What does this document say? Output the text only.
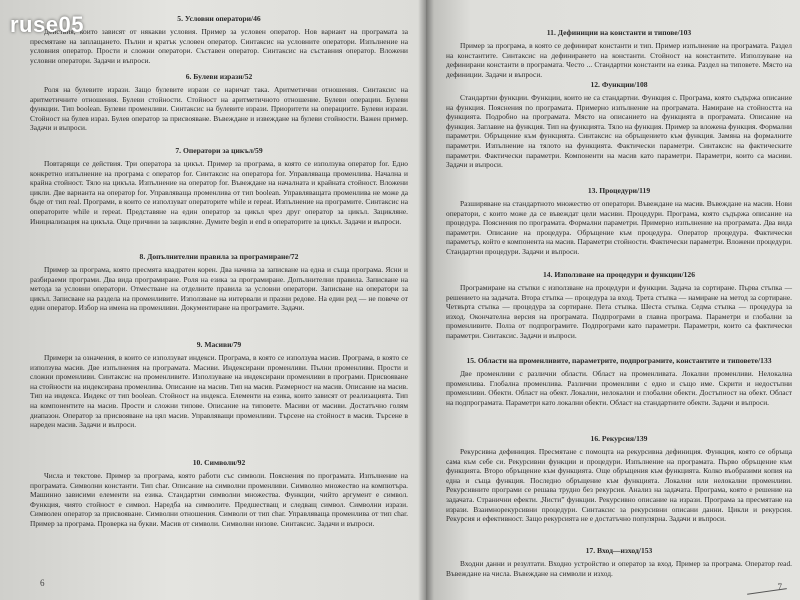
5. Условни оператори/46

Действия, които зависят от някакви условия. Пример за условен оператор. Нов вариант на програмата за пресмятане на заплащането. Пълни и кратък условен оператор. Синтаксис на условните оператори. Изпълнение на условния оператор. Прости и сложни оператори. Съставен оператор. Синтаксис на съставния оператор. Вложени условни оператори. Задачи и въпроси.

6. Булеви изрази/52

Роля на булевите изрази. Защо булевите изрази се наричат така. Аритметични отношения. Синтаксис на аритметичните отношения. Булеви стойности. Стойност на аритметичното отношение. Булеви операции. Булеви функции. Тип boolean. Булеви променливи. Синтаксис на булевите изрази. Приоритети на операциите. Булеви изрази. Стойност на булев израз. Булев оператор за присвояване. Въвеждане и извеждане на булеви стойности. Важен пример. Задачи и въпроси.

7. Оператори за цикъл/59

Повтарящи се действия. Три оператора за цикъл. Пример за програма, в която се използува оператор for. Едно конкретно изпълнение на програма с оператор for. Синтаксис на оператора for. Управляваща променлива. Начална и крайна стойност. Тяло на цикъла. Изпълнение на оператор for. Въвеждане на началната и крайната стойност. Вложени цикли. Две варианта на оператор for. Управляваща променлива от тип boolean. Управляващата променлива не може да бъде от тип real. Програми, в които се използуват операторите while и repeat. Изпълнение на програмите. Синтаксис на операторите while и repeat. Представяне на един оператор за цикъл чрез друг оператор за цикъл. Зацикляне. Инициализация на цикъла. Още причини за зацикляне. Думите begin и end в операторите за цикъл. Задачи и въпроси.

8. Допълнителни правила за програмиране/72

Пример за програма, която пресмята квадратен корен. Два начина за записване на една и съща програма. Ясни и разбираеми програми. Два вида програмиране. Роля на езика за програмиране. Допълнителни правила. Записване на метода за условни оператори. Отместване на отделните правила за условни оператори. Записване на оператори за цикъл. Записване на раздела на променливите. Използване на интервали и празни редове. На един ред — не повече от един оператор. Избор на имена на променливи. Документиране на програмите. Задачи.

9. Масиви/79

Примери за означения, в които се използуват индекси. Програма, в която се използува масив. Програма, в която се използува масив. Две изпълнения на програмата. Масиви. Индексирани променливи. Пълни променливи. Прости и сложни променливи. Синтаксис на променливите. Използуване на индексирани променливи в програми. Присвояване на стойности на индексирана променлива. Описание на масив. Тип на масив. Размерност на масив. Описание на масив. Тип на индекса. Индекс от тип boolean. Стойност на индекса. Елементи на езика, които зависят от реализацията. Тип на компонентите на масив. Прости и сложни типове. Описание на типовете. Масиви от масиви. Достатъчно голям диапазон. Оператор за присвояване на цял масив. Управляващи променливи. Търсене на стойност в масив. Търсене в нареден масив. Задачи и въпроси.

10. Символи/92

Числа и текстове. Пример за програма, която работи със символи. Пояснения по програмата. Изпълнение на програмата. Символни константи. Тип char. Описание на символни променливи. Символно множество на компютъра. Машинно зависими елементи на езика. Стандартни символни множества. Функции, чийто аргумент е символ. Функция, чиято стойност е символ. Наредба на символите. Предшестващ и следващ символ. Символни изрази. Символен оператор за присвояване. Символни отношения. Символи от тип char. Управляваща променлива от тип char. Пример за програма. Проверка на букви. Масив от символи. Символни низове. Синтаксис. Задачи и въпроси.

6
11. Дефиниции на константи и типове/103

Пример за програма, в която се дефинират константи и тип. Пример изпълнение на програмата. Раздел на константите. Синтаксис на дефинирането на константи. Стойност на константите. Използуване на дефинирани константи в програмата. Често ... Стандартни константи на езика. Раздел на типовете. Място на дефиниции. Задачи и въпроси.

12. Функции/108

Стандартни функции. Функции, които не са стандартни. Функция с. Програма, която съдържа описание на функция. Пояснения по програмата. Примерно изпълнение на програмата. Намиране на стойността на функцията. Подробно на програмата. Място на описанието на функцията в програмата. Описание на функция. Заглавие на функция. Тип на функцията. Тяло на функция. Пример за вложена функция. Формални параметри. Обръщение към функцията. Синтаксис на обръщението към функция. Замяна на формалните параметри. Изпълнение на тялото на функцията. Фактически параметри. Синтаксис на фактическите параметри. Фактически параметри. Компоненти на масив като параметри. Параметри, които са масиви. Задачи и въпроси.

13. Процедури/119

Разширяване на стандартното множество от оператори. Въвеждане на масив. Въвеждане на масив. Нови оператори, с които може да се въвеждат цели масиви. Процедури. Програма, която съдържа описание на процедура. Пояснения по програмата. Формални параметри. Примерно изпълнение на програмата. Два вида параметри. Описание на процедура. Обръщение към процедура. Оператор процедура. Фактически параметър, който е компонента на масив. Параметри стойности. Фактически параметри. Вложени процедури. Стандартни процедури. Задачи и въпроси.

14. Използване на процедури и функции/126

Програмиране на стъпки с използване на процедури и функции. Задача за сортиране. Първа стъпка — решението на задачата. Втора стъпка — процедура за вход. Трета стъпка — намиране на метод за сортиране. Четвърта стъпка — процедура за сортиране. Пета стъпка. Шеста стъпка. Седма стъпка — процедура за изход. Окончателна версия на програмата. Подпрограми в главна програма. Параметри и глобални за променливите. Полза от подпрограмите. Подпрограми като параметри. Параметри, които са фактически параметри. Синтаксис. Задачи и въпроси.

15. Области на променливите, параметрите, подпрограмите, константите и типовете/133

Две променливи с различни области. Област на променливата. Локални променливи. Нелокална променлива. Глобална променлива. Различни променливи с едно и също име. Скрити и недостъпни променливи. Обекти. Област на обект. Локални, нелокални и глобални обекти. Достъпност на обект. Област на подпрограмата. Параметри като локални обекти. Област на стандартните обекти. Задачи и въпроси.

16. Рекурсия/139

Рекурсивна дефиниция. Пресмятане с помощта на рекурсивна дефиниция. Функция, която се обръща сама към себе си. Рекурсивни функции и процедури. Изпълнение на програмата. Първо обръщение към функцията. Второ обръщение към функцията. Още обръщения към функцията. Колко въобразими копия на една и съща функция. Последно обръщение към функцията. Локални или нелокални променливи. Рекурсивните програми се решава трудно без рекурсия. Анализ на задачата. Програма, която е решение на задачата. Странични ефекти. „Чисти” функции. Рекурсивно описание на изрази. Програма за пресмятане на изрази. Взаимнорекурсивни процедури. Синтаксис за рекурсивни описани данни. Цикли и рекурсия. Рекурсия и ефективност. Защо рекурсията не е достатъчно популярна. Задачи и въпроси.

17. Вход—изход/153

Входни данни и резултати. Входно устройство и оператор за вход. Пример за програма. Оператор read. Въвеждане на числа. Въвеждане на символи и изход.

7
ruse05
